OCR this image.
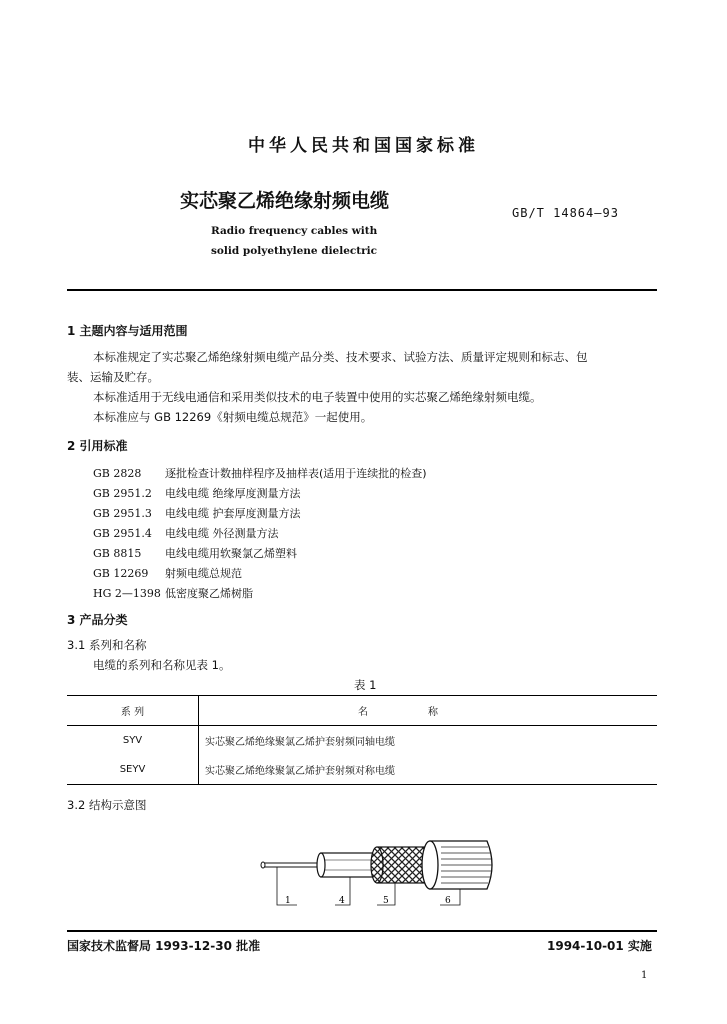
中华人民共和国国家标准
实芯聚乙烯绝缘射频电缆
GB/T 14864—93
Radio frequency cables with
solid polyethylene dielectric
1 主题内容与适用范围
本标准规定了实芯聚乙烯绝缘射频电缆产品分类、技术要求、试验方法、质量评定规则和标志、包
装、运输及贮存。
本标准适用于无线电通信和采用类似技术的电子装置中使用的实芯聚乙烯绝缘射频电缆。
本标准应与 GB 12269《射频电缆总规范》一起使用。
2 引用标准
GB 2828 逐批检查计数抽样程序及抽样表(适用于连续批的检查)
GB 2951.2 电线电缆 绝缘厚度测量方法
GB 2951.3 电线电缆 护套厚度测量方法
GB 2951.4 电线电缆 外径测量方法
GB 8815 电线电缆用软聚氯乙烯塑料
GB 12269 射频电缆总规范
HG 2—1398 低密度聚乙烯树脂
3 产品分类
3.1 系列和名称
电缆的系列和名称见表 1。
表 1
系 列	名称
SYV	实芯聚乙烯绝缘聚氯乙烯护套射频同轴电缆
SEYV	实芯聚乙烯绝缘聚氯乙烯护套射频对称电缆
3.2 结构示意图
1	4	5	6
国家技术监督局 1993-12-30 批准	1994-10-01 实施
1
